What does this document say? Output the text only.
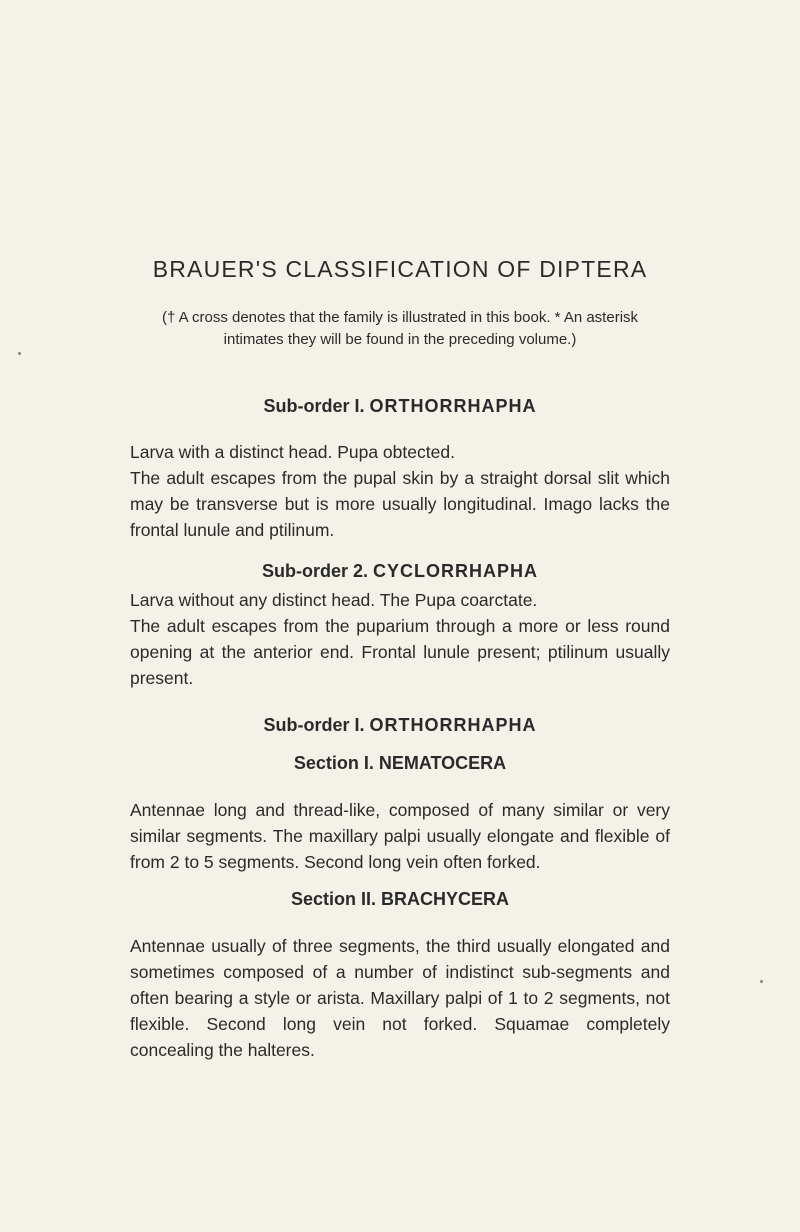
BRAUER'S CLASSIFICATION OF DIPTERA

(† A cross denotes that the family is illustrated in this book. * An asterisk intimates they will be found in the preceding volume.)

Sub-order I. ORTHORRHAPHA
Larva with a distinct head. Pupa obtected.
The adult escapes from the pupal skin by a straight dorsal slit which may be transverse but is more usually longitudinal. Imago lacks the frontal lunule and ptilinum.
Sub-order 2. CYCLORRHAPHA
Larva without any distinct head. The Pupa coarctate.
The adult escapes from the puparium through a more or less round opening at the anterior end. Frontal lunule present; ptilinum usually present.
Sub-order I. ORTHORRHAPHA
Section I. NEMATOCERA

Antennae long and thread-like, composed of many similar or very similar segments. The maxillary palpi usually elongate and flexible of from 2 to 5 segments. Second long vein often forked.

Section II. BRACHYCERA

Antennae usually of three segments, the third usually elongated and sometimes composed of a number of indistinct sub-segments and often bearing a style or arista. Maxillary palpi of 1 to 2 segments, not flexible. Second long vein not forked. Squamae completely concealing the halteres.
